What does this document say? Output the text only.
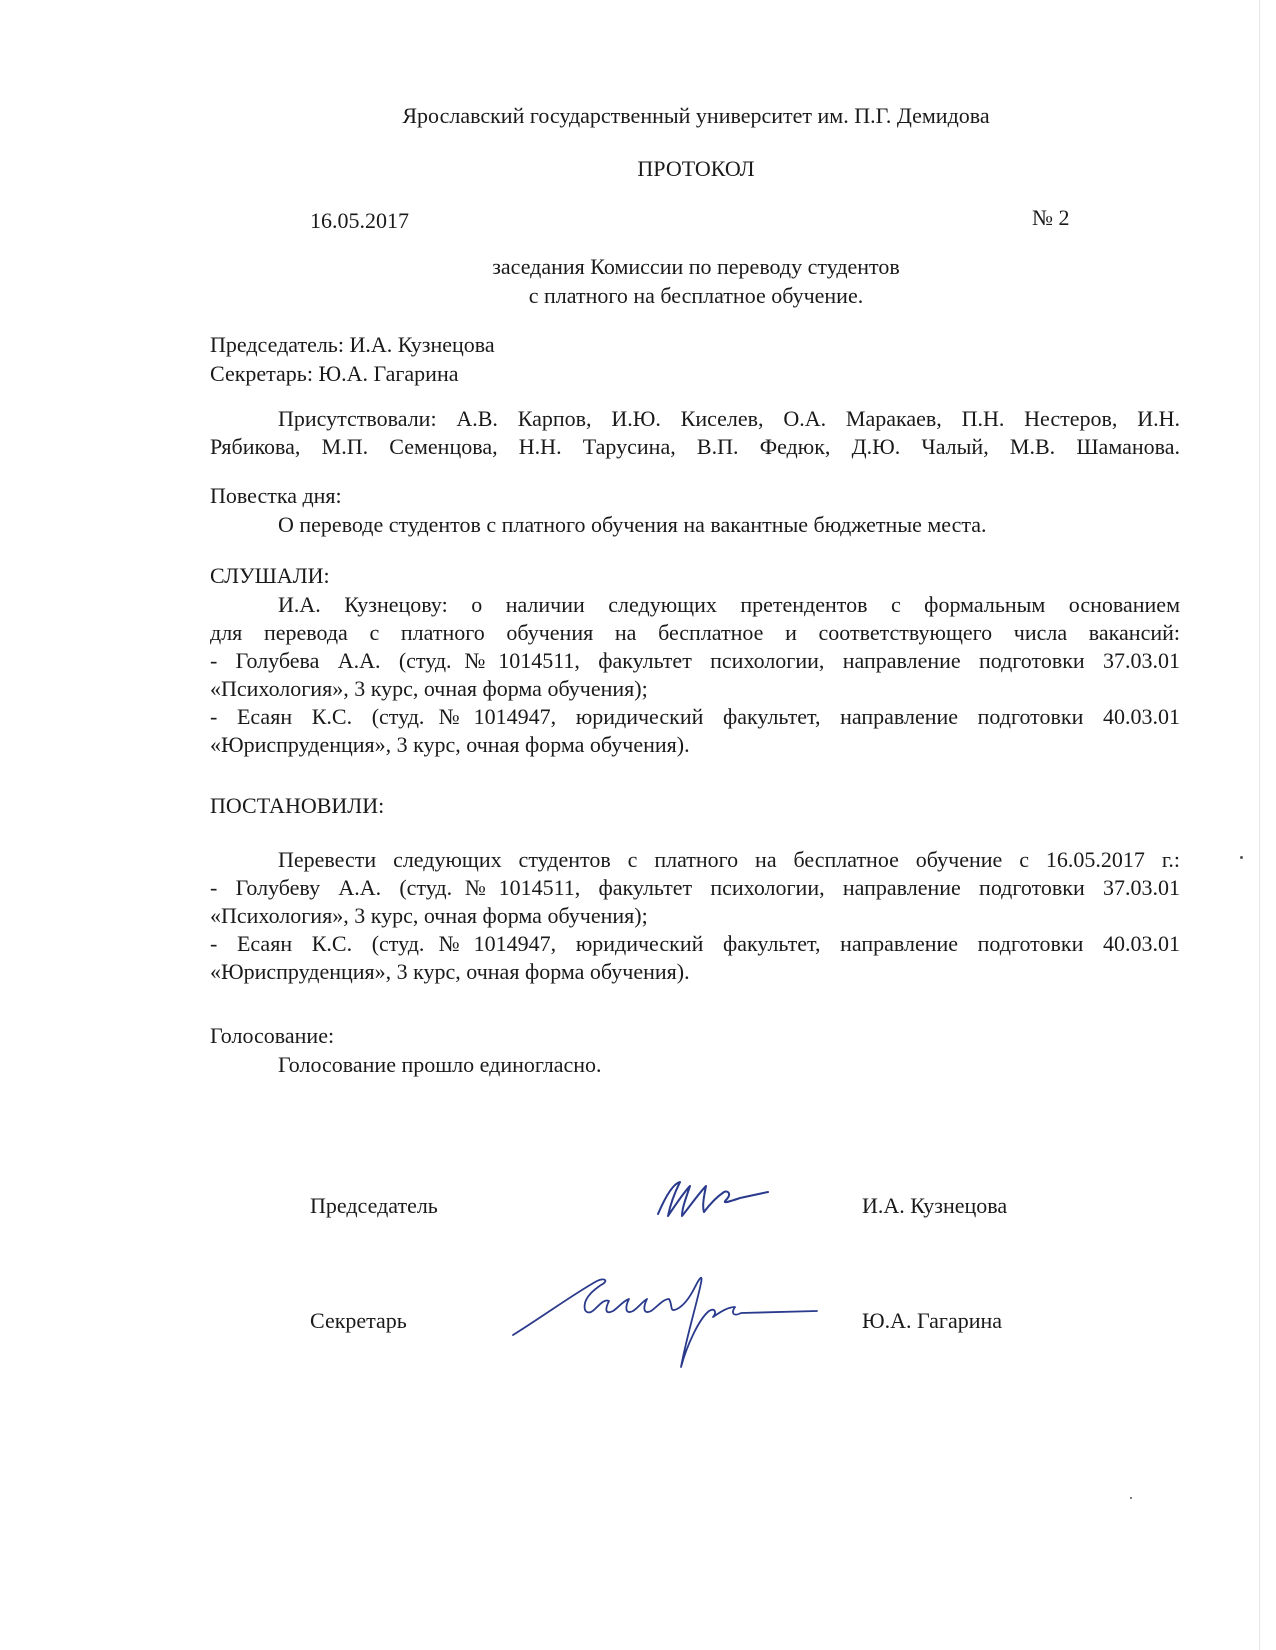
Ярославский государственный университет им. П.Г. Демидова
ПРОТОКОЛ
16.05.2017	№ 2
заседания Комиссии по переводу студентов
с платного на бесплатное обучение.
Председатель: И.А. Кузнецова
Секретарь: Ю.А. Гагарина
Присутствовали: А.В. Карпов, И.Ю. Киселев, О.А. Маракаев, П.Н. Нестеров, И.Н.
Рябикова, М.П. Семенцова, Н.Н. Тарусина, В.П. Федюк, Д.Ю. Чалый, М.В. Шаманова.
Повестка дня:
О переводе студентов с платного обучения на вакантные бюджетные места.
СЛУШАЛИ:
И.А. Кузнецову: о наличии следующих претендентов с формальным основанием
для перевода с платного обучения на бесплатное и соответствующего числа вакансий:
- Голубева А.А. (студ.№1014511, факультет психологии, направление подготовки 37.03.01
«Психология», 3 курс, очная форма обучения);
- Есаян К.С. (студ.№1014947, юридический факультет, направление подготовки 40.03.01
«Юриспруденция», 3 курс, очная форма обучения).
ПОСТАНОВИЛИ:
Перевести следующих студентов с платного на бесплатное обучение с 16.05.2017 г.:
- Голубеву А.А. (студ.№1014511, факультет психологии, направление подготовки 37.03.01
«Психология», 3 курс, очная форма обучения);
- Есаян К.С. (студ.№1014947, юридический факультет, направление подготовки 40.03.01
«Юриспруденция», 3 курс, очная форма обучения).
Голосование:
Голосование прошло единогласно.
Председатель	И.А. Кузнецова
Секретарь	Ю.А. Гагарина
